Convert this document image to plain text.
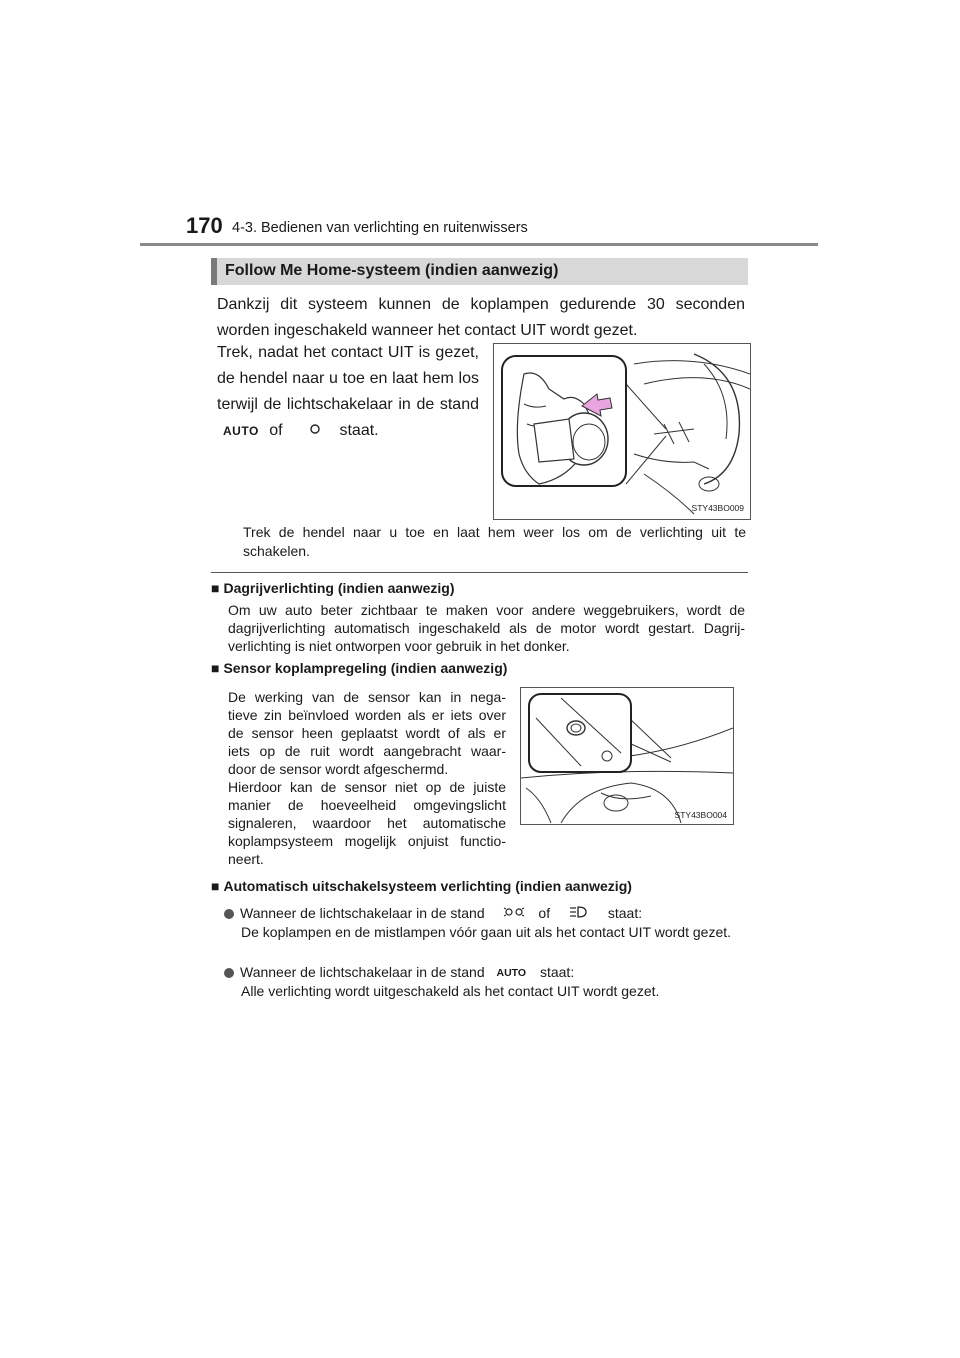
170 4-3. Bedienen van verlichting en ruitenwissers
Follow Me Home-systeem (indien aanwezig)
Dankzij dit systeem kunnen de koplampen gedurende 30 seconden worden ingeschakeld wanneer het contact UIT wordt gezet.
Trek, nadat het contact UIT is gezet, de hendel naar u toe en laat hem los terwijl de lichtschakelaar in de stand AUTO of	staat.
STY43BO009
Trek de hendel naar u toe en laat hem weer los om de verlichting uit te schakelen.
■ Dagrijverlichting (indien aanwezig)
Om uw auto beter zichtbaar te maken voor andere weggebruikers, wordt de dagrijverlichting automatisch ingeschakeld als de motor wordt gestart. Dagrij-verlichting is niet ontworpen voor gebruik in het donker.
■ Sensor koplampregeling (indien aanwezig)
De werking van de sensor kan in nega-
tieve zin beïnvloed worden als er iets over
de sensor heen geplaatst wordt of als er
iets op de ruit wordt aangebracht waar-
door de sensor wordt afgeschermd.
Hierdoor kan de sensor niet op de juiste
manier de hoeveelheid omgevingslicht
signaleren, waardoor het automatische
koplampsysteem mogelijk onjuist functio-
neert.
STY43BO004
■ Automatisch uitschakelsysteem verlichting (indien aanwezig)
Wanneer de lichtschakelaar in de stand	of	staat:
De koplampen en de mistlampen vóór gaan uit als het contact UIT wordt gezet.
Wanneer de lichtschakelaar in de stand AUTO staat:
Alle verlichting wordt uitgeschakeld als het contact UIT wordt gezet.
